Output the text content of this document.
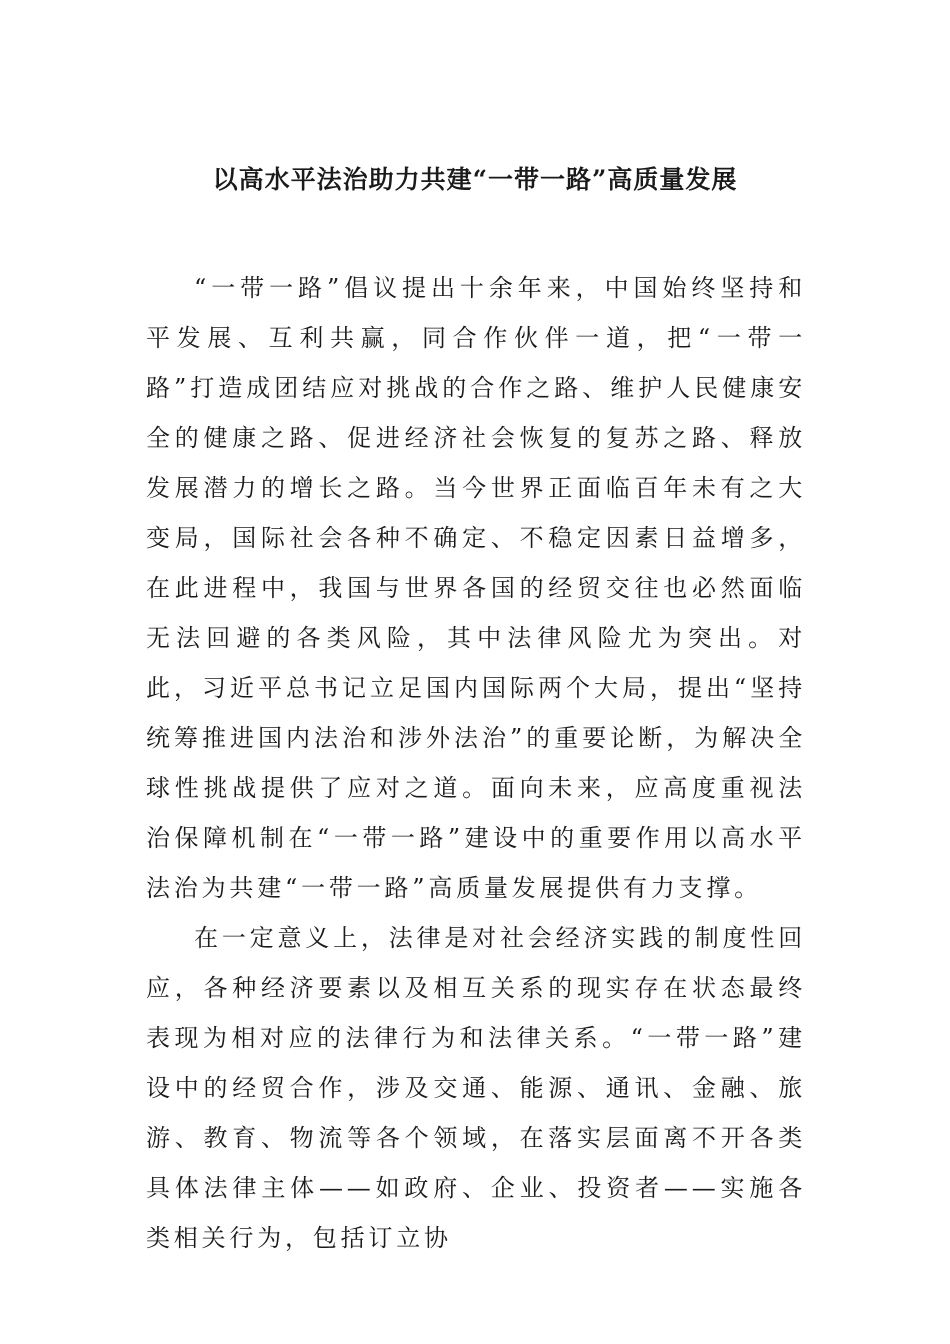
以高水平法治助力共建“一带一路”高质量发展

“一带一路”倡议提出十余年来，中国始终坚持和平发展、互利共赢，同合作伙伴一道，把“一带一路”打造成团结应对挑战的合作之路、维护人民健康安全的健康之路、促进经济社会恢复的复苏之路、释放发展潜力的增长之路。当今世界正面临百年未有之大变局，国际社会各种不确定、不稳定因素日益增多，在此进程中，我国与世界各国的经贸交往也必然面临无法回避的各类风险，其中法律风险尤为突出。对此，习近平总书记立足国内国际两个大局，提出“坚持统筹推进国内法治和涉外法治”的重要论断，为解决全球性挑战提供了应对之道。面向未来，应高度重视法治保障机制在“一带一路”建设中的重要作用以高水平法治为共建“一带一路”高质量发展提供有力支撑。

在一定意义上，法律是对社会经济实践的制度性回应，各种经济要素以及相互关系的现实存在状态最终表现为相对应的法律行为和法律关系。“一带一路”建设中的经贸合作，涉及交通、能源、通讯、金融、旅游、教育、物流等各个领域，在落实层面离不开各类具体法律主体——如政府、企业、投资者——实施各类相关行为，包括订立协
